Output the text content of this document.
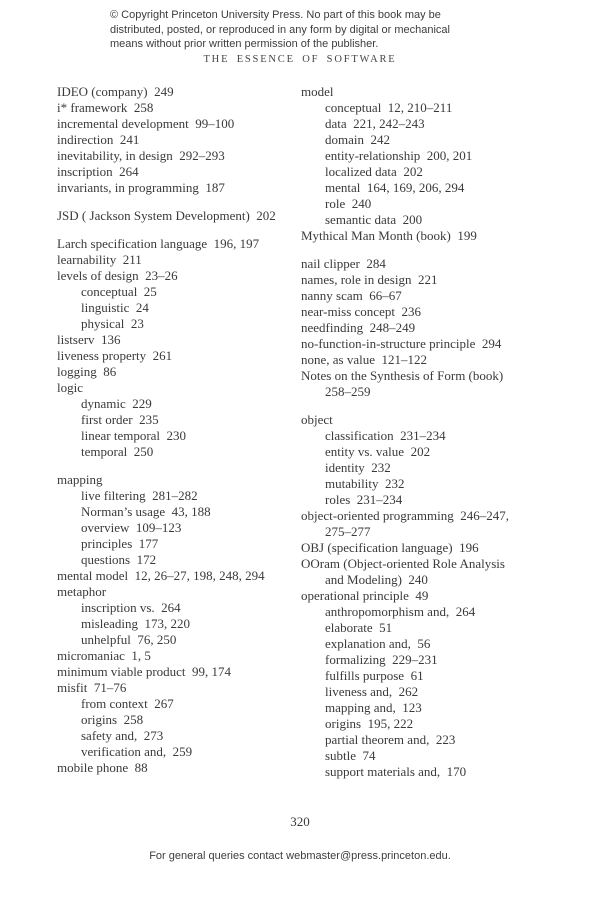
© Copyright Princeton University Press. No part of this book may be
distributed, posted, or reproduced in any form by digital or mechanical
means without prior written permission of the publisher.
THE ESSENCE OF SOFTWARE
IDEO (company)  249
i* framework  258
incremental development  99–100
indirection  241
inevitability, in design  292–293
inscription  264
invariants, in programming  187
JSD ( Jackson System Development)  202
Larch specification language  196, 197
learnability  211
levels of design  23–26
conceptual  25
linguistic  24
physical  23
listserv  136
liveness property  261
logging  86
logic
dynamic  229
first order  235
linear temporal  230
temporal  250
mapping
live filtering  281–282
Norman’s usage  43, 188
overview  109–123
principles  177
questions  172
mental model  12, 26–27, 198, 248, 294
metaphor
inscription vs.  264
misleading  173, 220
unhelpful  76, 250
micromaniac  1, 5
minimum viable product  99, 174
misfit  71–76
from context  267
origins  258
safety and,  273
verification and,  259
mobile phone  88
model
conceptual  12, 210–211
data  221, 242–243
domain  242
entity-relationship  200, 201
localized data  202
mental  164, 169, 206, 294
role  240
semantic data  200
Mythical Man Month (book)  199
nail clipper  284
names, role in design  221
nanny scam  66–67
near-miss concept  236
needfinding  248–249
no-function-in-structure principle  294
none, as value  121–122
Notes on the Synthesis of Form (book)
258–259
object
classification  231–234
entity vs. value  202
identity  232
mutability  232
roles  231–234
object-oriented programming  246–247,
275–277
OBJ (specification language)  196
OOram (Object-oriented Role Analysis
and Modeling)  240
operational principle  49
anthropomorphism and,  264
elaborate  51
explanation and,  56
formalizing  229–231
fulfills purpose  61
liveness and,  262
mapping and,  123
origins  195, 222
partial theorem and,  223
subtle  74
support materials and,  170
320
For general queries contact webmaster@press.princeton.edu.
